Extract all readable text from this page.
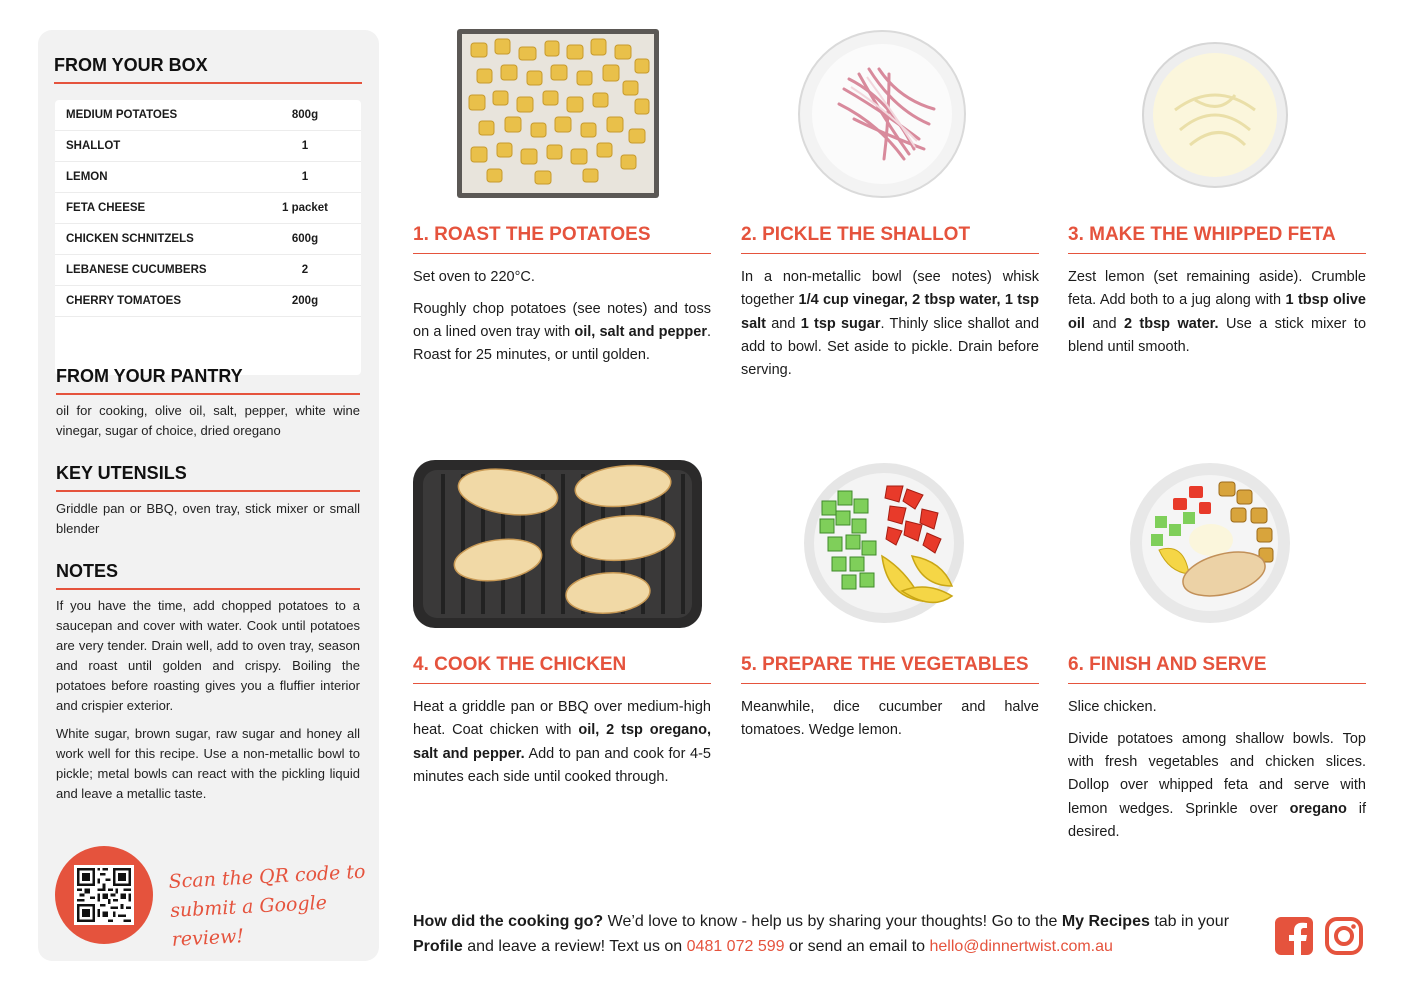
FROM YOUR BOX
MEDIUM POTATOES	800g
SHALLOT	1
LEMON	1
FETA CHEESE	1 packet
CHICKEN SCHNITZELS	600g
LEBANESE CUCUMBERS	2
CHERRY TOMATOES	200g
FROM YOUR PANTRY
oil for cooking, olive oil, salt, pepper, white wine vinegar, sugar of choice, dried oregano
KEY UTENSILS
Griddle pan or BBQ, oven tray, stick mixer or small blender
NOTES
If you have the time, add chopped potatoes to a saucepan and cover with water. Cook until potatoes are very tender. Drain well, add to oven tray, season and roast until golden and crispy. Boiling the potatoes before roasting gives you a fluffier interior and crispier exterior.
White sugar, brown sugar, raw sugar and honey all work well for this recipe. Use a non-metallic bowl to pickle; metal bowls can react with the pickling liquid and leave a metallic taste.
Scan the QR code to
submit a Google review!
1. ROAST THE POTATOES

Set oven to 220°C.

Roughly chop potatoes (see notes) and toss on a lined oven tray with oil, salt and pepper. Roast for 25 minutes, or until golden.

2. PICKLE THE SHALLOT

In a non-metallic bowl (see notes) whisk together 1/4 cup vinegar, 2 tbsp water, 1 tsp salt and 1 tsp sugar. Thinly slice shallot and add to bowl. Set aside to pickle. Drain before serving.

3. MAKE THE WHIPPED FETA

Zest lemon (set remaining aside). Crumble feta. Add both to a jug along with 1 tbsp olive oil and 2 tbsp water. Use a stick mixer to blend until smooth.

4. COOK THE CHICKEN

Heat a griddle pan or BBQ over medium-high heat. Coat chicken with oil, 2 tsp oregano, salt and pepper. Add to pan and cook for 4-5 minutes each side until cooked through.

5. PREPARE THE VEGETABLES

Meanwhile, dice cucumber and halve tomatoes. Wedge lemon.

6. FINISH AND SERVE

Slice chicken.

Divide potatoes among shallow bowls. Top with fresh vegetables and chicken slices. Dollop over whipped feta and serve with lemon wedges. Sprinkle over oregano if desired.

How did the cooking go? We’d love to know - help us by sharing your thoughts! Go to the My Recipes tab in your Profile and leave a review! Text us on 0481 072 599 or send an email to hello@dinnertwist.com.au
